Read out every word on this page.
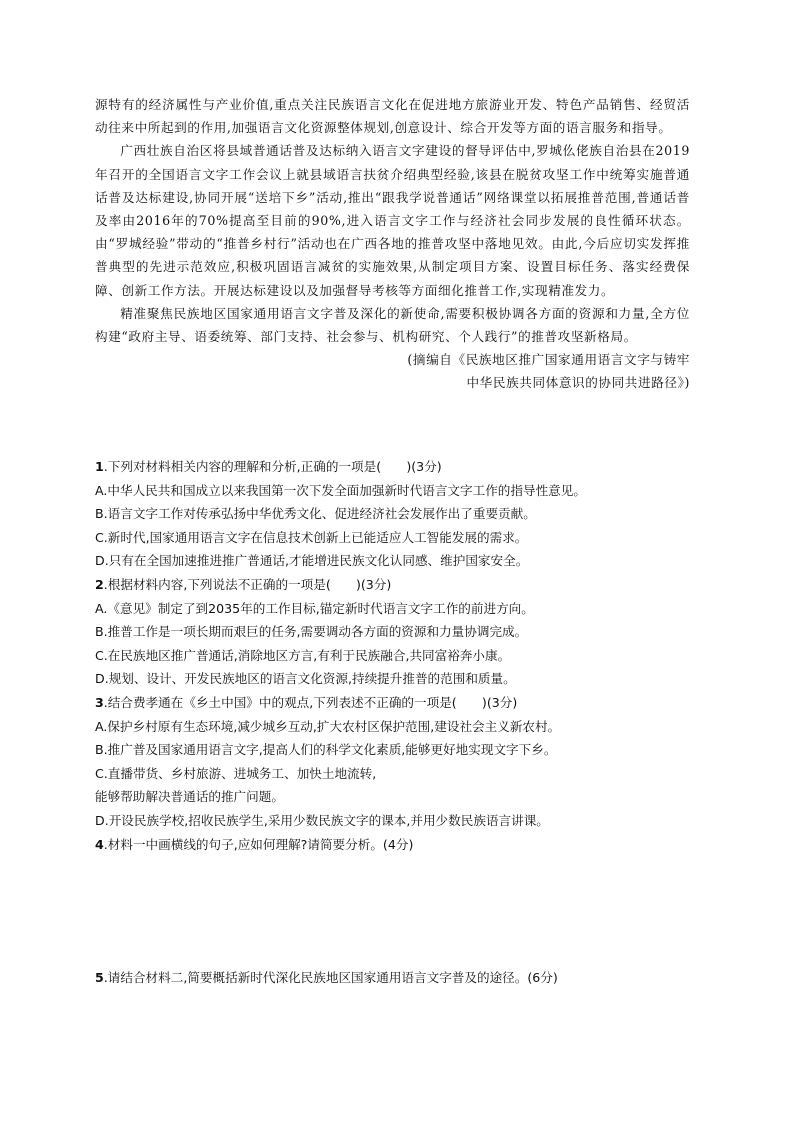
源特有的经济属性与产业价值,重点关注民族语言文化在促进地方旅游业开发、特色产品销售、经贸活动往来中所起到的作用,加强语言文化资源整体规划,创意设计、综合开发等方面的语言服务和指导。

广西壮族自治区将县域普通话普及达标纳入语言文字建设的督导评估中,罗城仫佬族自治县在2019年召开的全国语言文字工作会议上就县域语言扶贫介绍典型经验,该县在脱贫攻坚工作中统筹实施普通话普及达标建设,协同开展“送培下乡”活动,推出“跟我学说普通话”网络课堂以拓展推普范围,普通话普及率由2016年的70%提高至目前的90%,进入语言文字工作与经济社会同步发展的良性循环状态。由“罗城经验”带动的“推普乡村行”活动也在广西各地的推普攻坚中落地见效。由此,今后应切实发挥推普典型的先进示范效应,积极巩固语言减贫的实施效果,从制定项目方案、设置目标任务、落实经费保障、创新工作方法。开展达标建设以及加强督导考核等方面细化推普工作,实现精准发力。

精准聚焦民族地区国家通用语言文字普及深化的新使命,需要积极协调各方面的资源和力量,全方位构建“政府主导、语委统筹、部门支持、社会参与、机构研究、个人践行”的推普攻坚新格局。

(摘编自《民族地区推广国家通用语言文字与铸牢

中华民族共同体意识的协同共进路径》)

1.下列对材料相关内容的理解和分析,正确的一项是(　　)(3分)

A.中华人民共和国成立以来我国第一次下发全面加强新时代语言文字工作的指导性意见。

B.语言文字工作对传承弘扬中华优秀文化、促进经济社会发展作出了重要贡献。

C.新时代,国家通用语言文字在信息技术创新上已能适应人工智能发展的需求。

D.只有在全国加速推进推广普通话,才能增进民族文化认同感、维护国家安全。

2.根据材料内容,下列说法不正确的一项是(　　)(3分)

A.《意见》制定了到2035年的工作目标,锚定新时代语言文字工作的前进方向。

B.推普工作是一项长期而艰巨的任务,需要调动各方面的资源和力量协调完成。

C.在民族地区推广普通话,消除地区方言,有利于民族融合,共同富裕奔小康。

D.规划、设计、开发民族地区的语言文化资源,持续提升推普的范围和质量。

3.结合费孝通在《乡土中国》中的观点,下列表述不正确的一项是(　　)(3分)

A.保护乡村原有生态环境,减少城乡互动,扩大农村区保护范围,建设社会主义新农村。

B.推广普及国家通用语言文字,提高人们的科学文化素质,能够更好地实现文字下乡。

C.直播带货、乡村旅游、进城务工、加快土地流转,

能够帮助解决普通话的推广问题。

D.开设民族学校,招收民族学生,采用少数民族文字的课本,并用少数民族语言讲课。

4.材料一中画横线的句子,应如何理解?请简要分析。(4分)

5.请结合材料二,简要概括新时代深化民族地区国家通用语言文字普及的途径。(6分)
